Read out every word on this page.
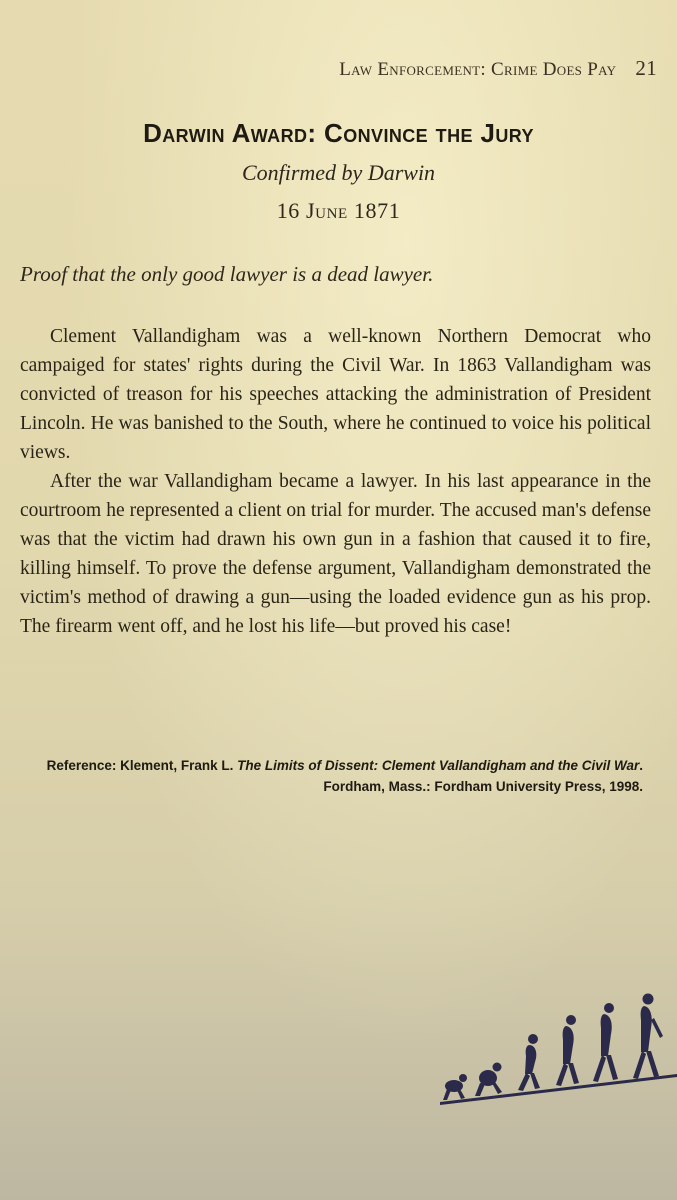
Law Enforcement: Crime Does Pay 21
Darwin Award: Convince the Jury
Confirmed by Darwin
16 June 1871
Proof that the only good lawyer is a dead lawyer.

Clement Vallandigham was a well-known Northern Democrat who campaiged for states' rights during the Civil War. In 1863 Vallandigham was convicted of treason for his speeches attacking the administration of President Lincoln. He was banished to the South, where he continued to voice his political views.

After the war Vallandigham became a lawyer. In his last appearance in the courtroom he represented a client on trial for murder. The accused man's defense was that the victim had drawn his own gun in a fashion that caused it to fire, killing himself. To prove the defense argument, Vallandigham demonstrated the victim's method of drawing a gun—using the loaded evidence gun as his prop. The firearm went off, and he lost his life—but proved his case!

Reference: Klement, Frank L. The Limits of Dissent: Clement Vallandigham and the Civil War. Fordham, Mass.: Fordham University Press, 1998.
